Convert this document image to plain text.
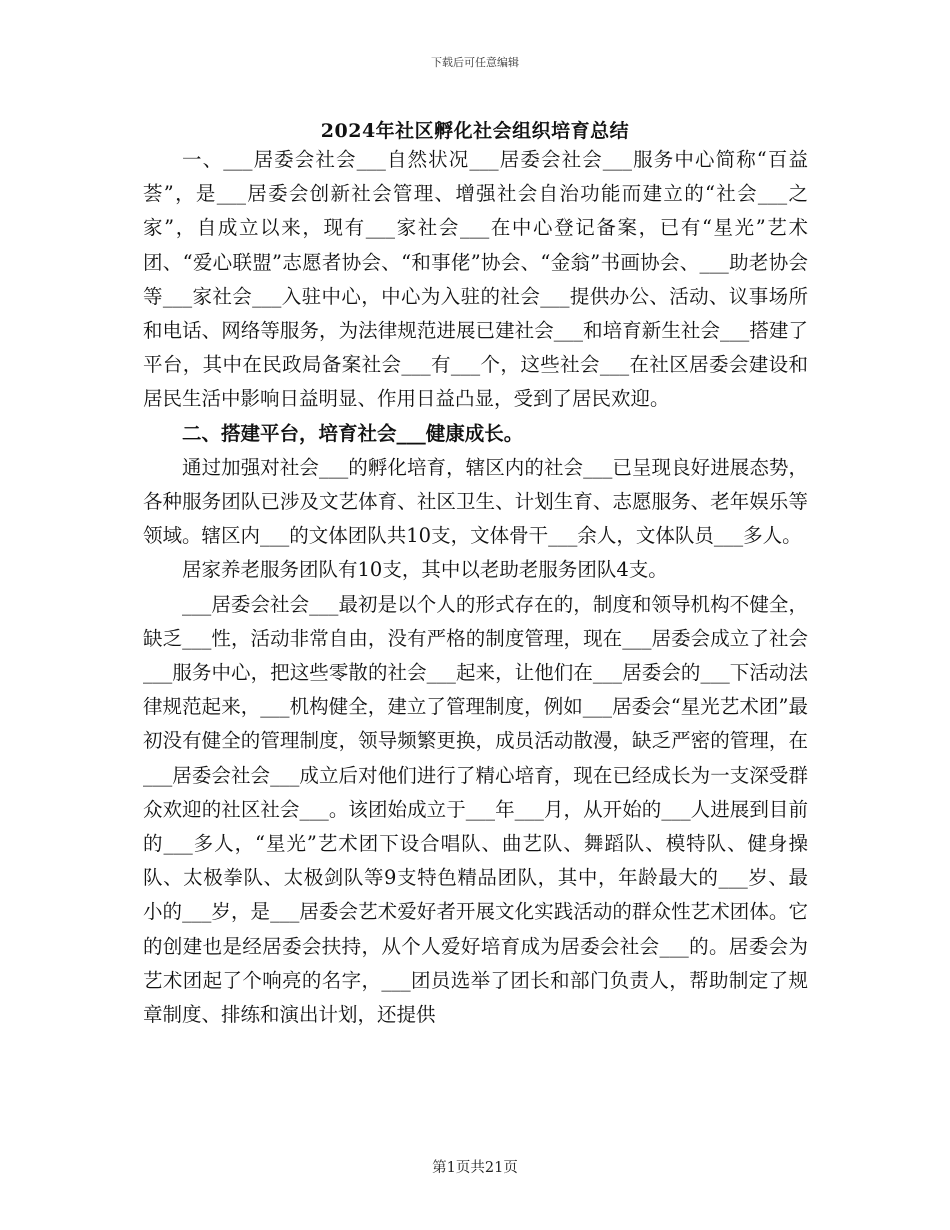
下载后可任意编辑
2024年社区孵化社会组织培育总结

一、___居委会社会___自然状况___居委会社会___服务中心简称“百益荟”，是___居委会创新社会管理、增强社会自治功能而建立的“社会___之家”，自成立以来，现有___家社会___在中心登记备案，已有“星光”艺术团、“爱心联盟”志愿者协会、“和事佬”协会、“金翁”书画协会、___助老协会等___家社会___入驻中心，中心为入驻的社会___提供办公、活动、议事场所和电话、网络等服务，为法律规范进展已建社会___和培育新生社会___搭建了平台，其中在民政局备案社会___有___个，这些社会___在社区居委会建设和居民生活中影响日益明显、作用日益凸显，受到了居民欢迎。

二、搭建平台，培育社会___健康成长。

通过加强对社会___的孵化培育，辖区内的社会___已呈现良好进展态势，各种服务团队已涉及文艺体育、社区卫生、计划生育、志愿服务、老年娱乐等领域。辖区内___的文体团队共10支，文体骨干___余人，文体队员___多人。

居家养老服务团队有10支，其中以老助老服务团队4支。

___居委会社会___最初是以个人的形式存在的，制度和领导机构不健全，缺乏___性，活动非常自由，没有严格的制度管理，现在___居委会成立了社会___服务中心，把这些零散的社会___起来，让他们在___居委会的___下活动法律规范起来，___机构健全，建立了管理制度，例如___居委会“星光艺术团”最初没有健全的管理制度，领导频繁更换，成员活动散漫，缺乏严密的管理，在___居委会社会___成立后对他们进行了精心培育，现在已经成长为一支深受群众欢迎的社区社会___。该团始成立于___年___月，从开始的___人进展到目前的___多人，“星光”艺术团下设合唱队、曲艺队、舞蹈队、模特队、健身操队、太极拳队、太极剑队等9支特色精品团队，其中，年龄最大的___岁、最小的___岁，是___居委会艺术爱好者开展文化实践活动的群众性艺术团体。它的创建也是经居委会扶持，从个人爱好培育成为居委会社会___的。居委会为艺术团起了个响亮的名字，___团员选举了团长和部门负责人，帮助制定了规章制度、排练和演出计划，还提供

第1页共21页
